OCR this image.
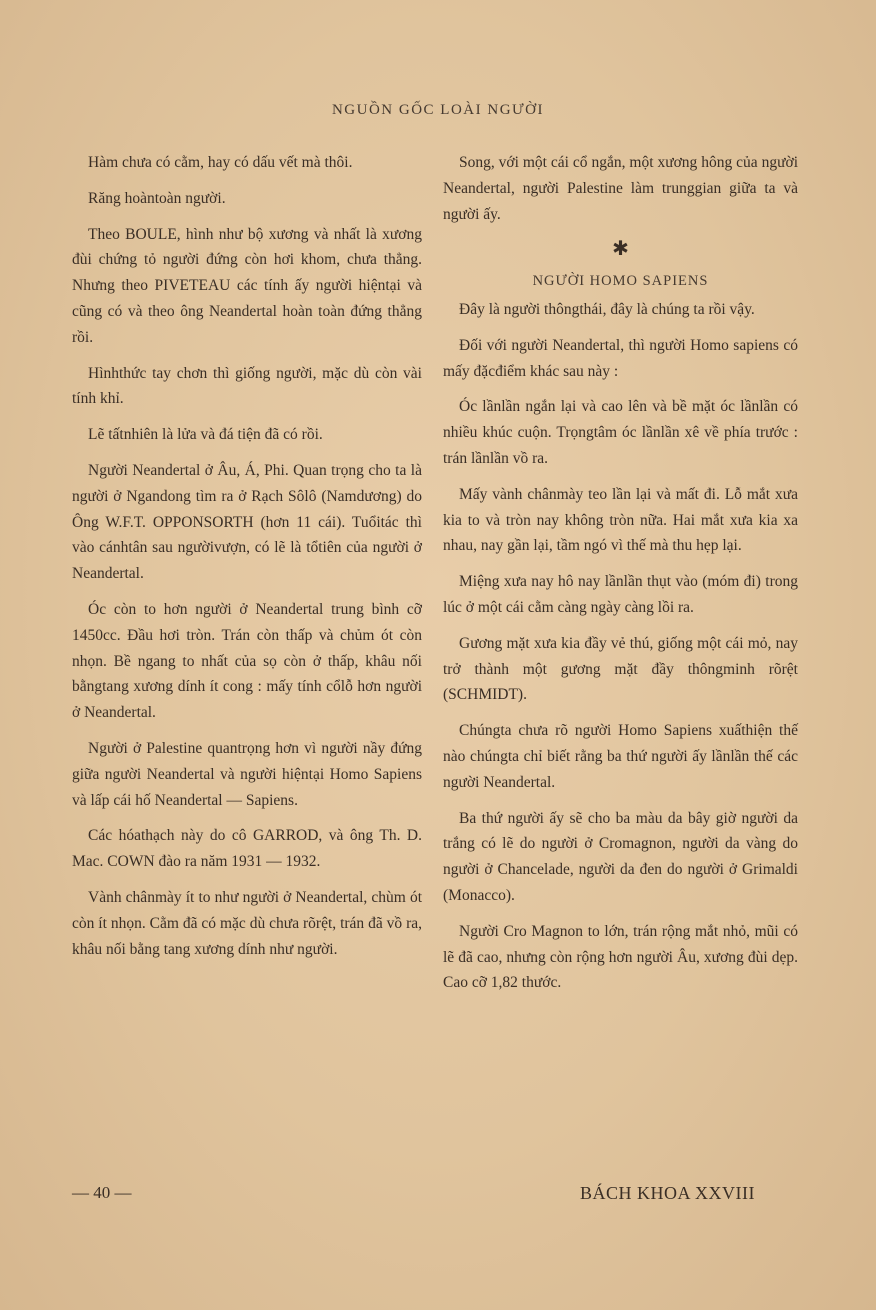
NGUỒN GỐC LOÀI NGƯỜI

Hàm chưa có cằm, hay có dấu vết mà thôi.

Răng hoàntoàn người.

Theo BOULE, hình như bộ xương và nhất là xương đùi chứng tỏ người đứng còn hơi khom, chưa thẳng. Nhưng theo PIVETEAU các tính ấy người hiệntại và cũng có và theo ông Neandertal hoàn toàn đứng thẳng rồi.

Hìnhthức tay chơn thì giống người, mặc dù còn vài tính khỉ.

Lẽ tấtnhiên là lửa và đá tiện đã có rồi.

Người Neandertal ở Âu, Á, Phi. Quan trọng cho ta là người ở Ngandong tìm ra ở Rạch Sôlô (Namdương) do Ông W.F.T. OPPONSORTH (hơn 11 cái). Tuổitác thì vào cánhtân sau ngườivượn, có lẽ là tổtiên của người ở Neandertal.

Óc còn to hơn người ở Neandertal trung bình cỡ 1450cc. Đầu hơi tròn. Trán còn thấp và chủm ót còn nhọn. Bề ngang to nhất của sọ còn ở thấp, khâu nối bằngtang xương dính ít cong : mấy tính cổlỗ hơn người ở Neandertal.

Người ở Palestine quantrọng hơn vì người nầy đứng giữa người Neandertal và người hiệntại Homo Sapiens và lấp cái hố Neandertal — Sapiens.

Các hóathạch này do cô GARROD, và ông Th. D. Mac. COWN đào ra năm 1931 — 1932.

Vành chânmày ít to như người ở Neandertal, chùm ót còn ít nhọn. Cằm đã có mặc dù chưa rõrệt, trán đã vồ ra, khâu nối bằng tang xương dính như người.

Song, với một cái cổ ngắn, một xương hông của người Neandertal, người Palestine làm trunggian giữa ta và người ấy.

✱
NGƯỜI HOMO SAPIENS

Đây là người thôngthái, đây là chúng ta rồi vậy.

Đối với người Neandertal, thì người Homo sapiens có mấy đặcđiểm khác sau này :

Óc lầnlần ngắn lại và cao lên và bề mặt óc lầnlần có nhiều khúc cuộn. Trọngtâm óc lầnlần xê về phía trước : trán lầnlần vồ ra.

Mấy vành chânmày teo lần lại và mất đi. Lỗ mắt xưa kia to và tròn nay không tròn nữa. Hai mắt xưa kia xa nhau, nay gần lại, tầm ngó vì thế mà thu hẹp lại.

Miệng xưa nay hô nay lầnlần thụt vào (móm đi) trong lúc ở một cái cằm càng ngày càng lồi ra.

Gương mặt xưa kia đầy vẻ thú, giống một cái mỏ, nay trở thành một gương mặt đầy thôngminh rõrệt (SCHMIDT).

Chúngta chưa rõ người Homo Sapiens xuấthiện thế nào chúngta chỉ biết rằng ba thứ người ấy lầnlần thế các người Neandertal.

Ba thứ người ấy sẽ cho ba màu da bây giờ người da trắng có lẽ do người ở Cromagnon, người da vàng do người ở Chancelade, người da đen do người ở Grimaldi (Monacco).

Người Cro Magnon to lớn, trán rộng mắt nhỏ, mũi có lẽ đã cao, nhưng còn rộng hơn người Âu, xương đùi dẹp. Cao cỡ 1,82 thước.

— 40 —	BÁCH KHOA XXVIII
